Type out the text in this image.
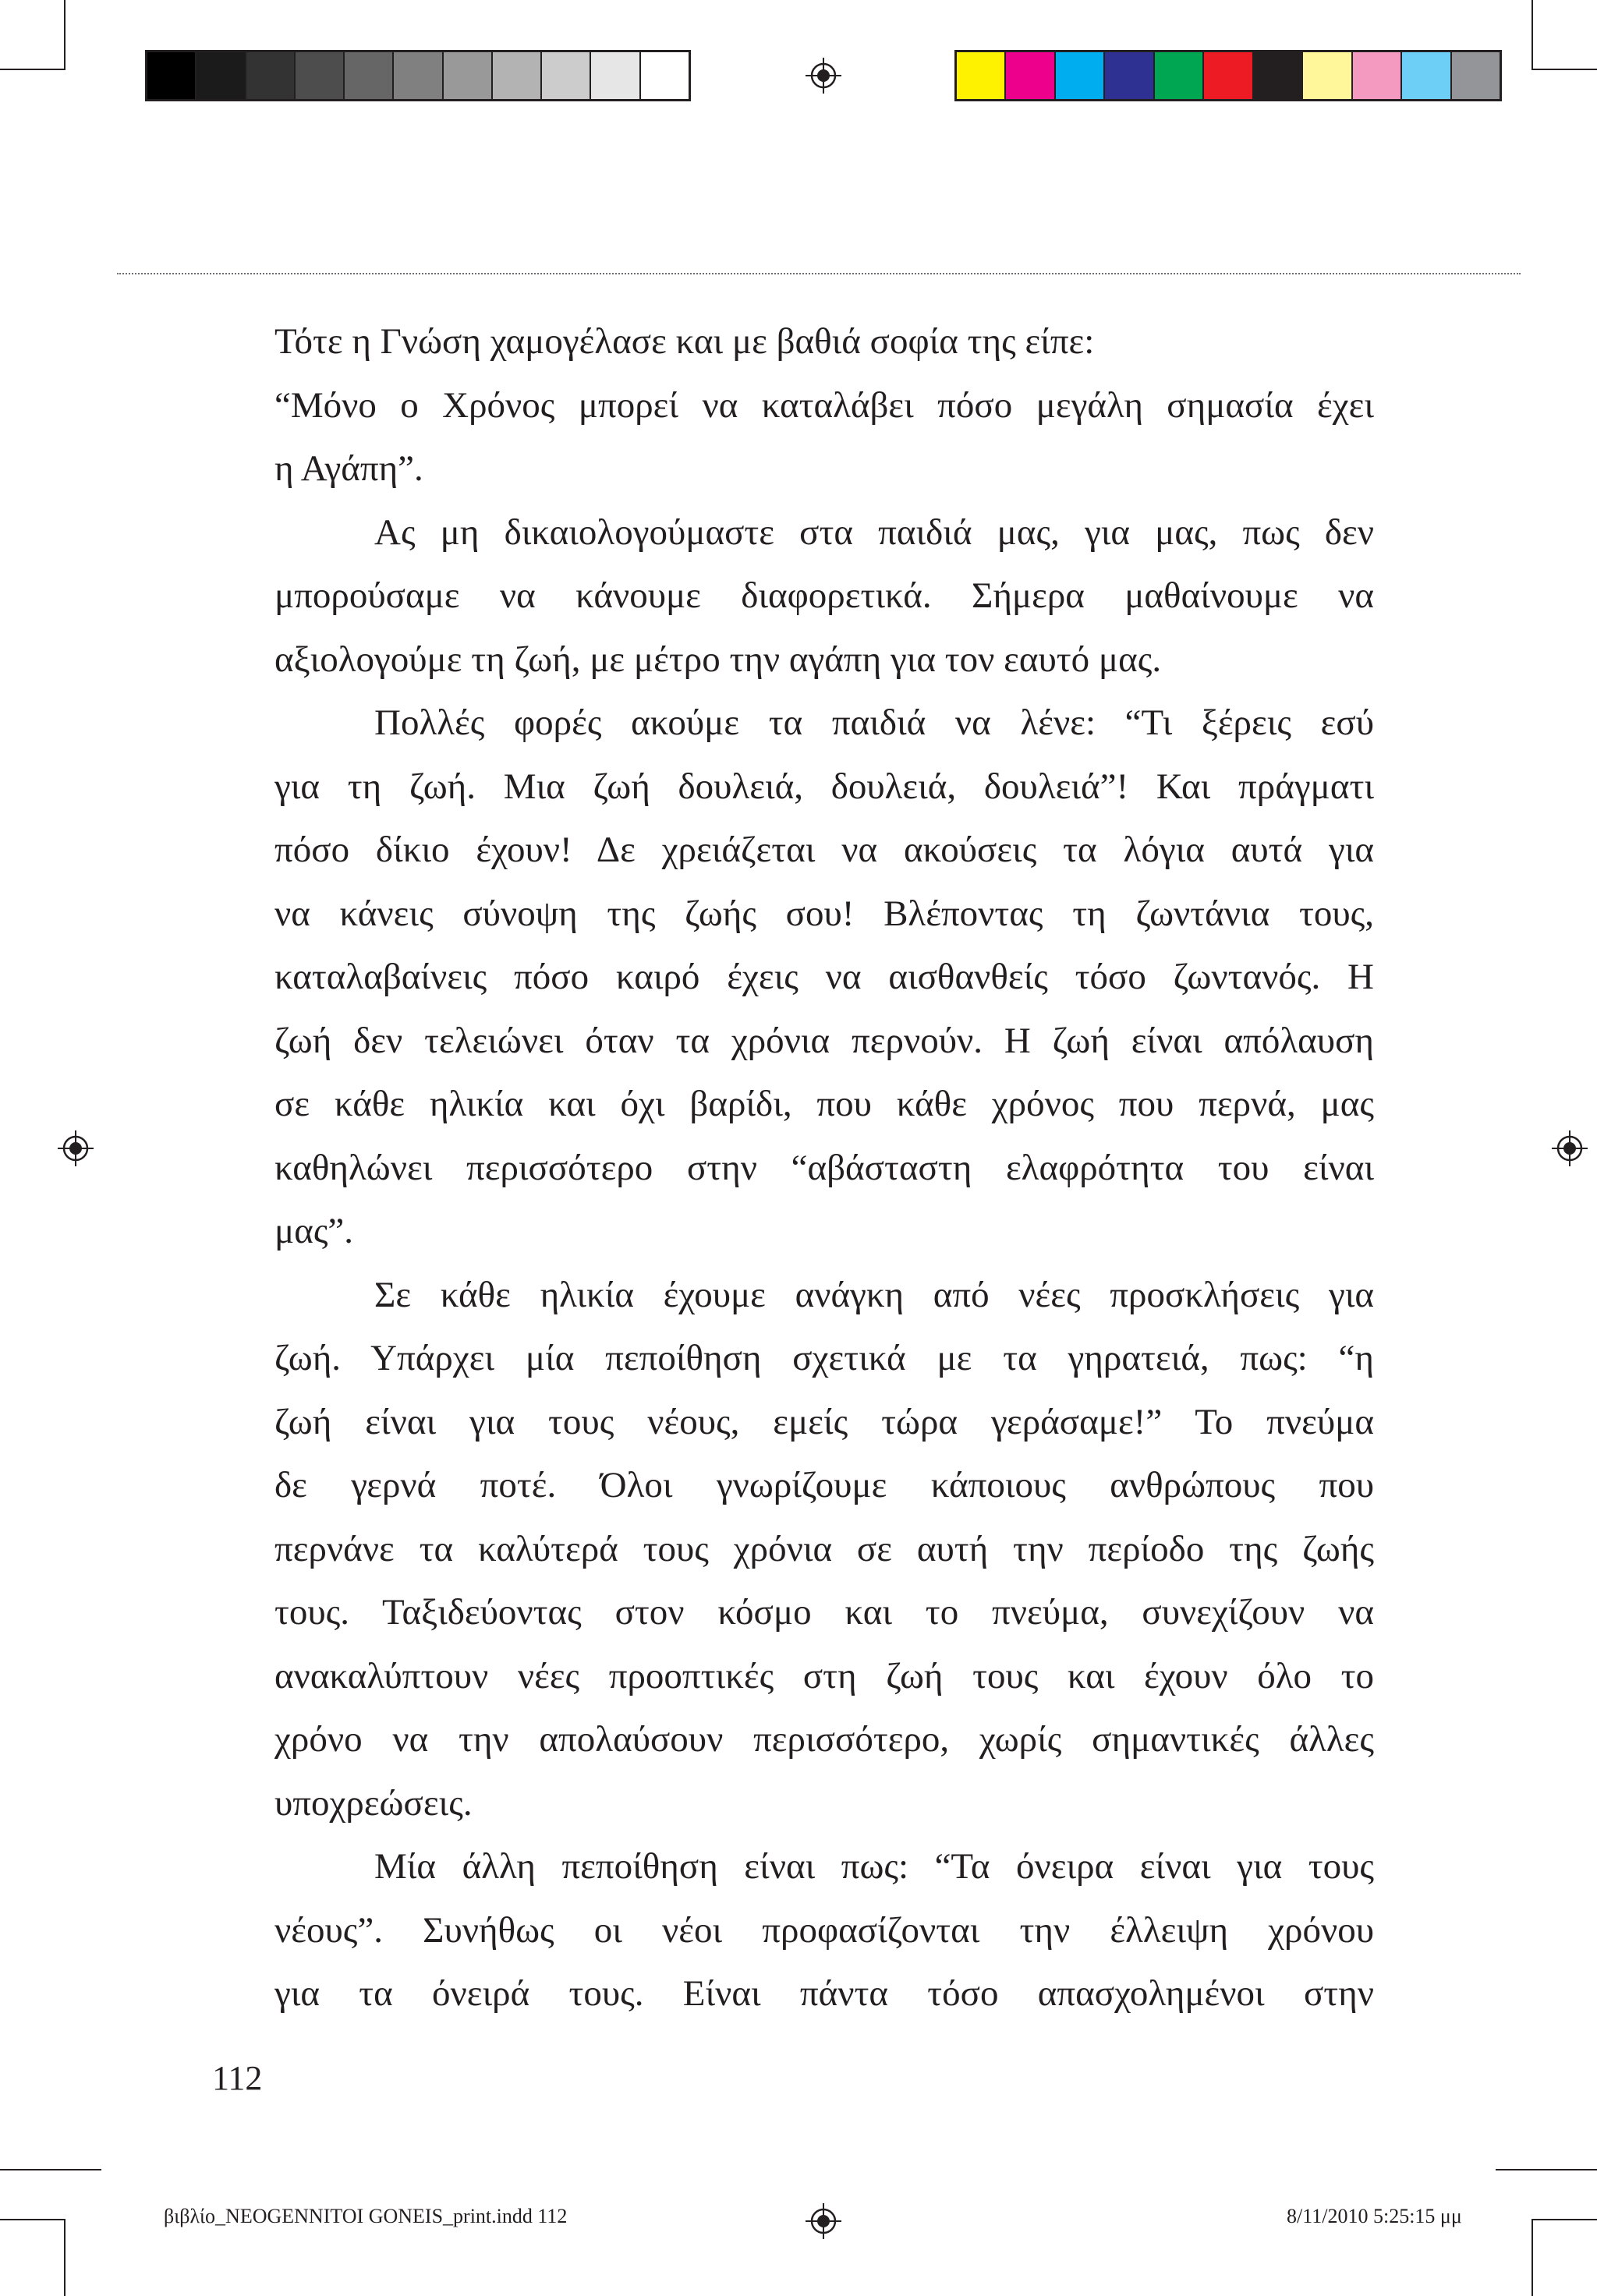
Τότε η Γνώση χαμογέλασε και με βαθιά σοφία της είπε:
“Μόνο ο Χρόνος μπορεί να καταλάβει πόσο μεγάλη σημασία έχει
η Αγάπη”.
Ας μη δικαιολογούμαστε στα παιδιά μας, για μας, πως δεν
μπορούσαμε να κάνουμε διαφορετικά. Σήμερα μαθαίνουμε να
αξιολογούμε τη ζωή, με μέτρο την αγάπη για τον εαυτό μας.
Πολλές φορές ακούμε τα παιδιά να λένε: “Τι ξέρεις εσύ
για τη ζωή. Μια ζωή δουλειά, δουλειά, δουλειά”! Και πράγματι
πόσο δίκιο έχουν! Δε χρειάζεται να ακούσεις τα λόγια αυτά για
να κάνεις σύνοψη της ζωής σου! Βλέποντας τη ζωντάνια τους,
καταλαβαίνεις πόσο καιρό έχεις να αισθανθείς τόσο ζωντανός. Η
ζωή δεν τελειώνει όταν τα χρόνια περνούν. Η ζωή είναι απόλαυση
σε κάθε ηλικία και όχι βαρίδι, που κάθε χρόνος που περνά, μας
καθηλώνει περισσότερο στην “αβάσταστη ελαφρότητα του είναι
μας”.
Σε κάθε ηλικία έχουμε ανάγκη από νέες προσκλήσεις για
ζωή. Υπάρχει μία πεποίθηση σχετικά με τα γηρατειά, πως: “η
ζωή είναι για τους νέους, εμείς τώρα γεράσαμε!” Το πνεύμα
δε γερνά ποτέ. Όλοι γνωρίζουμε κάποιους ανθρώπους που
περνάνε τα καλύτερά τους χρόνια σε αυτή την περίοδο της ζωής
τους. Ταξιδεύοντας στον κόσμο και το πνεύμα, συνεχίζουν να
ανακαλύπτουν νέες προοπτικές στη ζωή τους και έχουν όλο το
χρόνο να την απολαύσουν περισσότερο, χωρίς σημαντικές άλλες
υποχρεώσεις.
Μία άλλη πεποίθηση είναι πως: “Τα όνειρα είναι για τους
νέους”. Συνήθως οι νέοι προφασίζονται την έλλειψη χρόνου
για τα όνειρά τους. Είναι πάντα τόσο απασχολημένοι στην
112
βιβλίο_NEOGENNITOI GONEIS_print.indd 112	8/11/2010 5:25:15 μμ
